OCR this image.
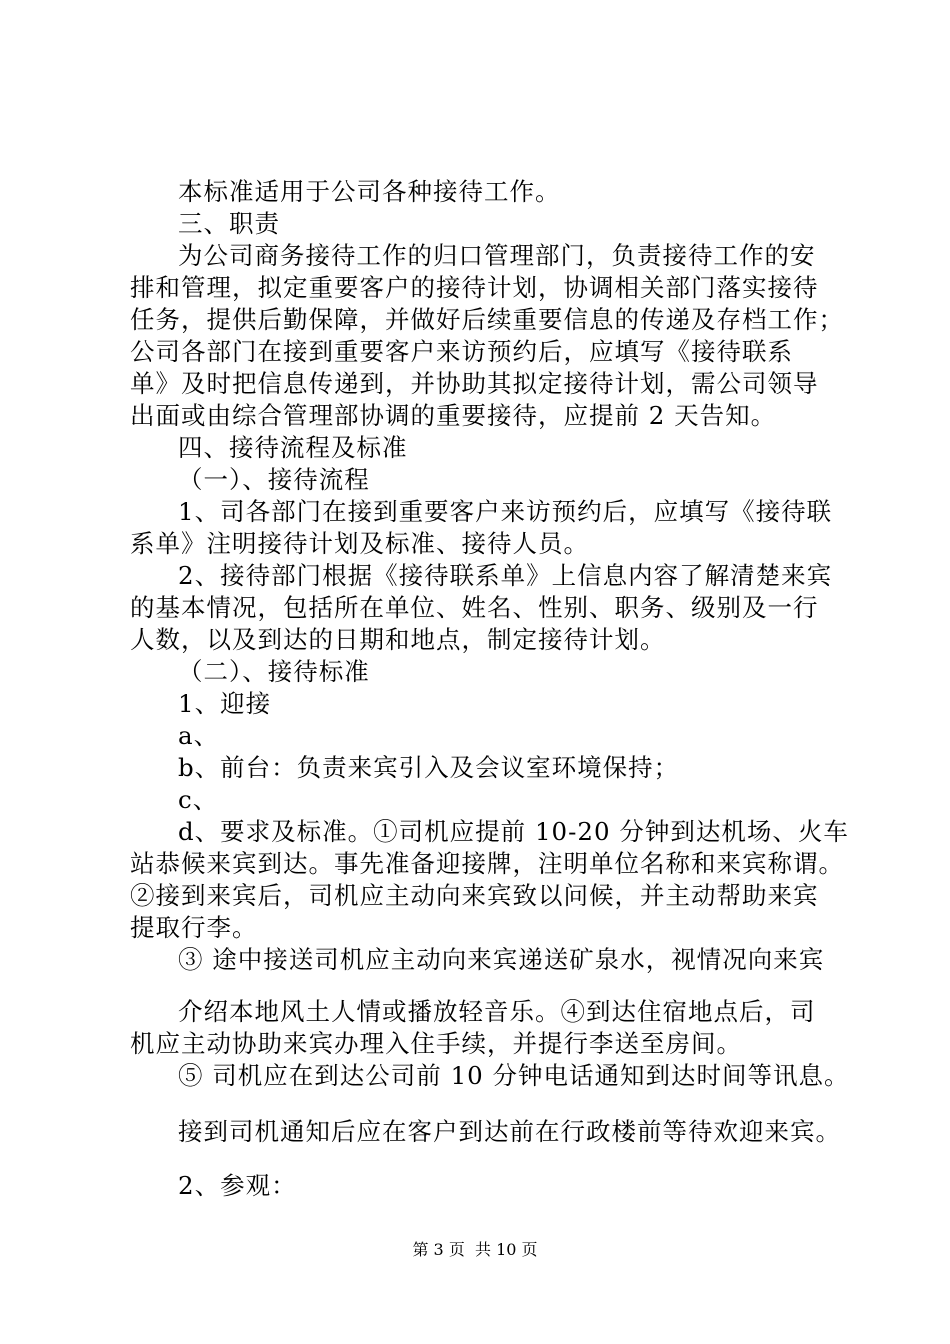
本标准适用于公司各种接待工作。

三、职责

为公司商务接待工作的归口管理部门，负责接待工作的安

排和管理，拟定重要客户的接待计划，协调相关部门落实接待

任务，提供后勤保障，并做好后续重要信息的传递及存档工作；

公司各部门在接到重要客户来访预约后，应填写《接待联系

单》及时把信息传递到，并协助其拟定接待计划，需公司领导

出面或由综合管理部协调的重要接待，应提前 2 天告知。

四、接待流程及标准

（一）、接待流程

1、司各部门在接到重要客户来访预约后，应填写《接待联

系单》注明接待计划及标准、接待人员。

2、接待部门根据《接待联系单》上信息内容了解清楚来宾

的基本情况，包括所在单位、姓名、性别、职务、级别及一行

人数，以及到达的日期和地点，制定接待计划。

（二）、接待标准

1、迎接

a、

b、前台：负责来宾引入及会议室环境保持；

c、

d、要求及标准。①司机应提前 10-20 分钟到达机场、火车

站恭候来宾到达。事先准备迎接牌，注明单位名称和来宾称谓。

②接到来宾后，司机应主动向来宾致以问候，并主动帮助来宾

提取行李。

③ 途中接送司机应主动向来宾递送矿泉水，视情况向来宾

介绍本地风土人情或播放轻音乐。④到达住宿地点后，司

机应主动协助来宾办理入住手续，并提行李送至房间。

⑤ 司机应在到达公司前 10 分钟电话通知到达时间等讯息。

接到司机通知后应在客户到达前在行政楼前等待欢迎来宾。

2、参观：

第 3 页  共 10 页
